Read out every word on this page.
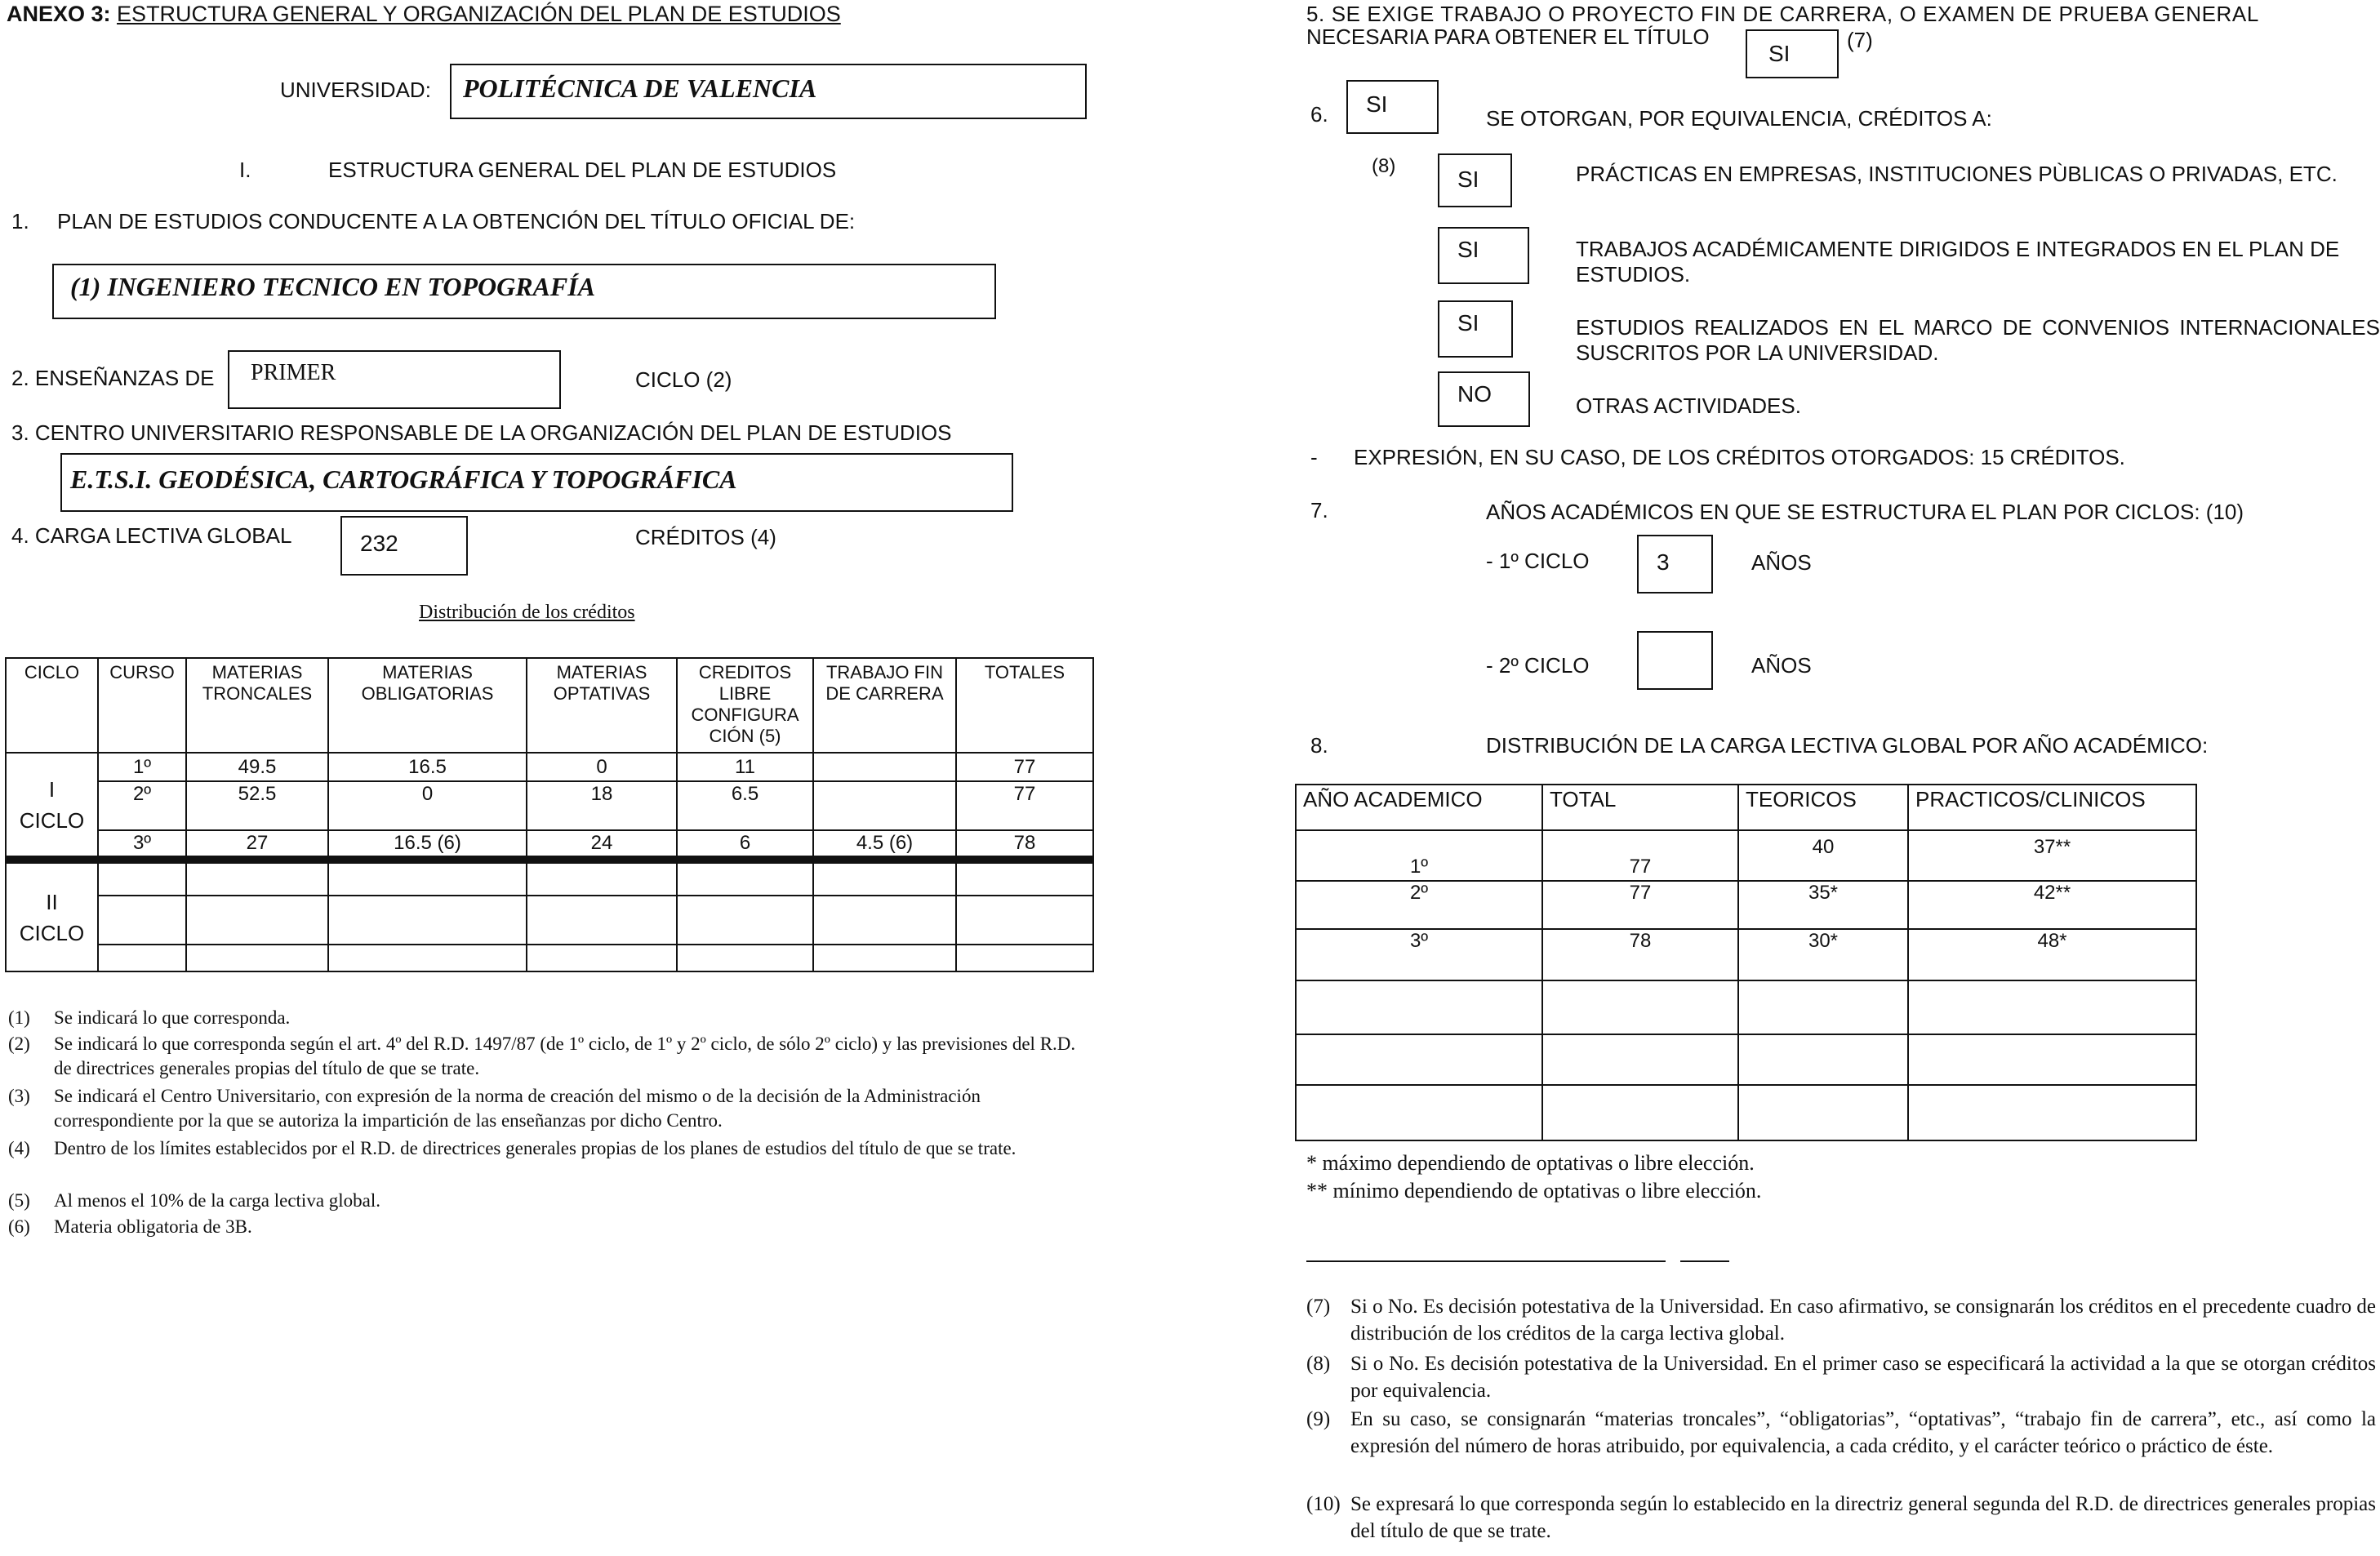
ANEXO 3: ESTRUCTURA GENERAL Y ORGANIZACIÓN DEL PLAN DE ESTUDIOS
UNIVERSIDAD: POLITÉCNICA DE VALENCIA
I.	ESTRUCTURA GENERAL DEL PLAN DE ESTUDIOS
1. PLAN DE ESTUDIOS CONDUCENTE A LA OBTENCIÓN DEL TÍTULO OFICIAL DE:
(1) INGENIERO TECNICO EN TOPOGRAFÍA
2. ENSEÑANZAS DE PRIMER	CICLO (2)
3. CENTRO UNIVERSITARIO RESPONSABLE DE LA ORGANIZACIÓN DEL PLAN DE ESTUDIOS
E.T.S.I. GEODÉSICA, CARTOGRÁFICA Y TOPOGRÁFICA
4. CARGA LECTIVA GLOBAL	232	CRÉDITOS (4)
Distribución de los créditos
CICLO	CURSO	MATERIAS TRONCALES	MATERIAS OBLIGATORIAS	MATERIAS OPTATIVAS	CREDITOS LIBRE CONFIGURA CIÓN (5)	TRABAJO FIN DE CARRERA	TOTALES
I CICLO	1º	49.5	16.5	0	11		77
	2º	52.5	0	18	6.5		77
	3º	27	16.5 (6)	24	6	4.5 (6)	78
II CICLO							

(1)	Se indicará lo que corresponda.
(2)	Se indicará lo que corresponda según el art. 4º del R.D. 1497/87 (de 1º ciclo, de 1º y 2º ciclo, de sólo 2º ciclo) y las previsiones del R.D. de directrices generales propias del título de que se trate.
(3)	Se indicará el Centro Universitario, con expresión de la norma de creación del mismo o de la decisión de la Administración correspondiente por la que se autoriza la impartición de las enseñanzas por dicho Centro.
(4)	Dentro de los límites establecidos por el R.D. de directrices generales propias de los planes de estudios del título de que se trate.
(5)	Al menos el 10% de la carga lectiva global.
(6)	Materia obligatoria de 3B.
5. SE EXIGE TRABAJO O PROYECTO FIN DE CARRERA, O EXAMEN DE PRUEBA GENERAL
NECESARIA PARA OBTENER EL TÍTULO
SI
(7)
6. SI
SE OTORGAN, POR EQUIVALENCIA, CRÉDITOS A:
(8)
SI	PRÁCTICAS EN EMPRESAS, INSTITUCIONES PÙBLICAS O PRIVADAS, ETC.
SI	TRABAJOS ACADÉMICAMENTE DIRIGIDOS E INTEGRADOS EN EL PLAN DE ESTUDIOS.
SI	ESTUDIOS REALIZADOS EN EL MARCO DE CONVENIOS INTERNACIONALES SUSCRITOS POR LA UNIVERSIDAD.
NO	OTRAS ACTIVIDADES.
- EXPRESIÓN, EN SU CASO, DE LOS CRÉDITOS OTORGADOS: 15 CRÉDITOS.
7.	AÑOS ACADÉMICOS EN QUE SE ESTRUCTURA EL PLAN POR CICLOS: (10)
- 1º CICLO	3	AÑOS
- 2º CICLO	AÑOS
8.	DISTRIBUCIÓN DE LA CARGA LECTIVA GLOBAL POR AÑO ACADÉMICO:
AÑO ACADEMICO	TOTAL	TEORICOS	PRACTICOS/CLINICOS
1º	77	40	37**
2º	77	35*	42**
3º	78	30*	48*

* máximo dependiendo de optativas o libre elección.
** mínimo dependiendo de optativas o libre elección.
(7) Si o No. Es decisión potestativa de la Universidad. En caso afirmativo, se consignarán los créditos en el precedente cuadro de distribución de los créditos de la carga lectiva global.
(8) Si o No. Es decisión potestativa de la Universidad. En el primer caso se especificará la actividad a la que se otorgan créditos por equivalencia.
(9) En su caso, se consignarán “materias troncales”, “obligatorias”, “optativas”, “trabajo fin de carrera”, etc., así como la expresión del número de horas atribuido, por equivalencia, a cada crédito, y el carácter teórico o práctico de éste.
(10) Se expresará lo que corresponda según lo establecido en la directriz general segunda del R.D. de directrices generales propias del título de que se trate.
